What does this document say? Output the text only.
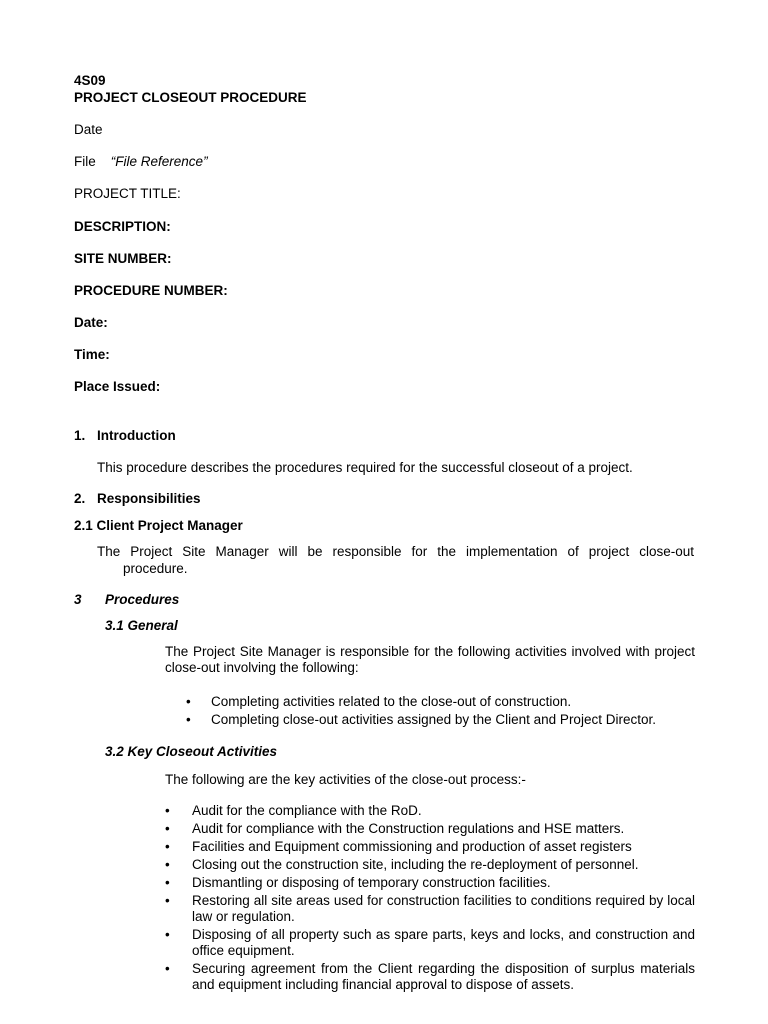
4S09

PROJECT CLOSEOUT PROCEDURE

Date

File “File Reference”

PROJECT TITLE:

DESCRIPTION:

SITE NUMBER:

PROCEDURE NUMBER:

Date:

Time:

Place Issued:

1. Introduction

This procedure describes the procedures required for the successful closeout of a project.

2. Responsibilities

2.1 Client Project Manager

The Project Site Manager will be responsible for the implementation of project close-out

procedure.

3 Procedures

3.1 General

The Project Site Manager is responsible for the following activities involved with project close-out involving the following:

• Completing activities related to the close-out of construction.
• Completing close-out activities assigned by the Client and Project Director.

3.2 Key Closeout Activities

The following are the key activities of the close-out process:-

• Audit for the compliance with the RoD.
• Audit for compliance with the Construction regulations and HSE matters.
• Facilities and Equipment commissioning and production of asset registers
• Closing out the construction site, including the re-deployment of personnel.
• Dismantling or disposing of temporary construction facilities.
• Restoring all site areas used for construction facilities to conditions required by local law or regulation.
• Disposing of all property such as spare parts, keys and locks, and construction and office equipment.
• Securing agreement from the Client regarding the disposition of surplus materials and equipment including financial approval to dispose of assets.
